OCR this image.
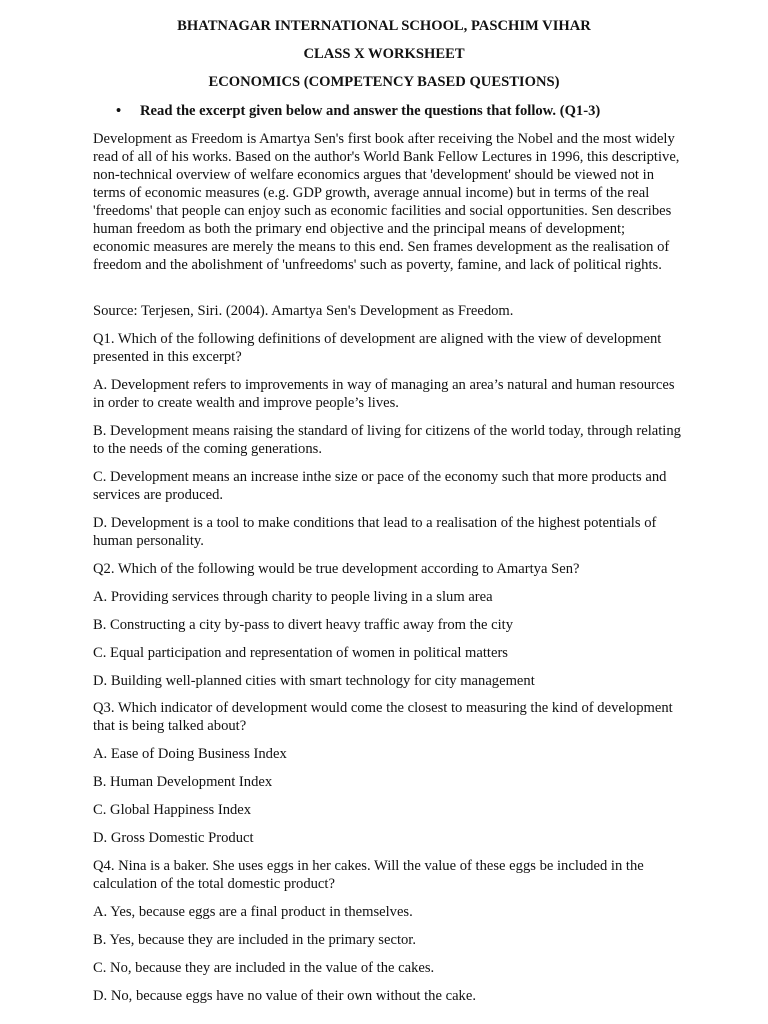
BHATNAGAR INTERNATIONAL SCHOOL, PASCHIM VIHAR

CLASS X WORKSHEET

ECONOMICS (COMPETENCY BASED QUESTIONS)

• Read the excerpt given below and answer the questions that follow. (Q1-3)

Development as Freedom is Amartya Sen's first book after receiving the Nobel and the most widely read of all of his works. Based on the author's World Bank Fellow Lectures in 1996, this descriptive, non-technical overview of welfare economics argues that 'development' should be viewed not in terms of economic measures (e.g. GDP growth, average annual income) but in terms of the real 'freedoms' that people can enjoy such as economic facilities and social opportunities. Sen describes human freedom as both the primary end objective and the principal means of development; economic measures are merely the means to this end. Sen frames development as the realisation of freedom and the abolishment of 'unfreedoms' such as poverty, famine, and lack of political rights.

Source: Terjesen, Siri. (2004). Amartya Sen's Development as Freedom.

Q1. Which of the following definitions of development are aligned with the view of development presented in this excerpt?

A. Development refers to improvements in way of managing an area’s natural and human resources in order to create wealth and improve people’s lives.

B. Development means raising the standard of living for citizens of the world today, through relating to the needs of the coming generations.

C. Development means an increase inthe size or pace of the economy such that more products and services are produced.

D. Development is a tool to make conditions that lead to a realisation of the highest potentials of human personality.

Q2. Which of the following would be true development according to Amartya Sen?

A. Providing services through charity to people living in a slum area

B. Constructing a city by-pass to divert heavy traffic away from the city

C. Equal participation and representation of women in political matters

D. Building well-planned cities with smart technology for city management

Q3. Which indicator of development would come the closest to measuring the kind of development that is being talked about?

A. Ease of Doing Business Index

B. Human Development Index

C. Global Happiness Index

D. Gross Domestic Product

Q4. Nina is a baker. She uses eggs in her cakes. Will the value of these eggs be included in the calculation of the total domestic product?

A. Yes, because eggs are a final product in themselves.

B. Yes, because they are included in the primary sector.

C. No, because they are included in the value of the cakes.

D. No, because eggs have no value of their own without the cake.
